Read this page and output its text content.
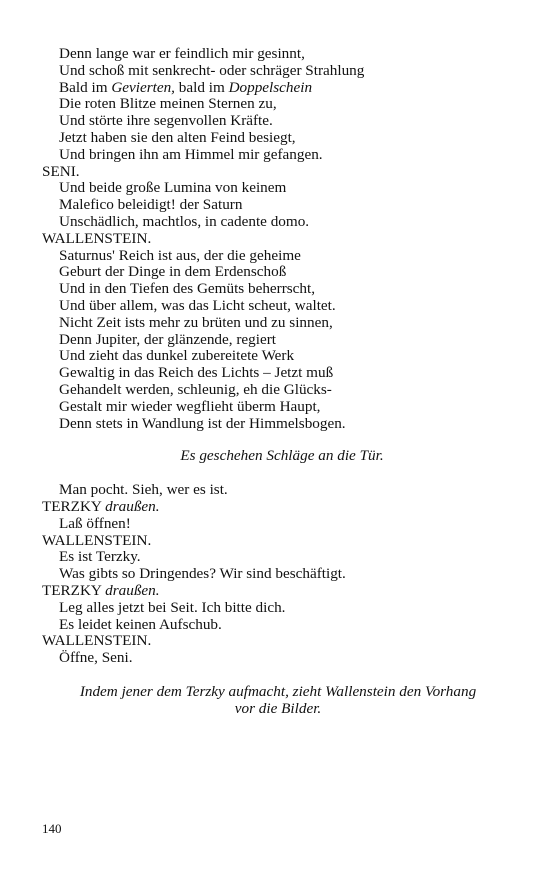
Denn lange war er feindlich mir gesinnt,
Und schoß mit senkrecht- oder schräger Strahlung
Bald im Gevierten, bald im Doppelschein
Die roten Blitze meinen Sternen zu,
Und störte ihre segenvollen Kräfte.
Jetzt haben sie den alten Feind besiegt,
Und bringen ihn am Himmel mir gefangen.
SENI.
Und beide große Lumina von keinem
Malefico beleidigt! der Saturn
Unschädlich, machtlos, in cadente domo.
WALLENSTEIN.
Saturnus' Reich ist aus, der die geheime
Geburt der Dinge in dem Erdenschoß
Und in den Tiefen des Gemüts beherrscht,
Und über allem, was das Licht scheut, waltet.
Nicht Zeit ists mehr zu brüten und zu sinnen,
Denn Jupiter, der glänzende, regiert
Und zieht das dunkel zubereitete Werk
Gewaltig in das Reich des Lichts – Jetzt muß
Gehandelt werden, schleunig, eh die Glücks-
Gestalt mir wieder wegflieht überm Haupt,
Denn stets in Wandlung ist der Himmelsbogen.
Es geschehen Schläge an die Tür.
Man pocht. Sieh, wer es ist.
TERZKY draußen.
Laß öffnen!
WALLENSTEIN.
Es ist Terzky.
Was gibts so Dringendes? Wir sind beschäftigt.
TERZKY draußen.
Leg alles jetzt bei Seit. Ich bitte dich.
Es leidet keinen Aufschub.
WALLENSTEIN.
Öffne, Seni.
Indem jener dem Terzky aufmacht, zieht Wallenstein den Vorhang
vor die Bilder.
140
